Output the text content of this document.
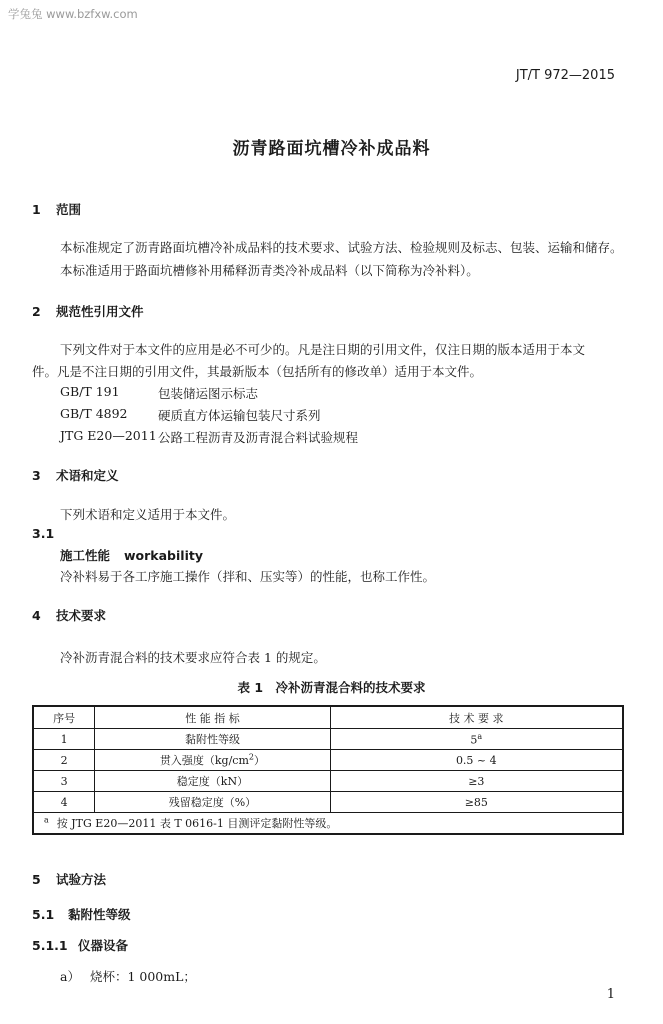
学兔兔 www.bzfxw.com
JT/T 972—2015
沥青路面坑槽冷补成品料
1 范围
本标准规定了沥青路面坑槽冷补成品料的技术要求、试验方法、检验规则及标志、包装、运输和储存。
本标准适用于路面坑槽修补用稀释沥青类冷补成品料（以下简称为冷补料）。
2 规范性引用文件
下列文件对于本文件的应用是必不可少的。凡是注日期的引用文件，仅注日期的版本适用于本文
件。凡是不注日期的引用文件，其最新版本（包括所有的修改单）适用于本文件。
GB/T 191	包装储运图示标志
GB/T 4892 硬质直方体运输包装尺寸系列
JTG E20—2011 公路工程沥青及沥青混合料试验规程
3 术语和定义
下列术语和定义适用于本文件。
3.1
施工性能 workability
冷补料易于各工序施工操作（拌和、压实等）的性能，也称工作性。
4 技术要求
冷补沥青混合料的技术要求应符合表 1 的规定。
表 1　冷补沥青混合料的技术要求
序号	性 能 指 标	技 术 要 求
1	黏附性等级	5$^a$
2	贯入强度$(kg/cm^2)$	0.5 ~ 4
3	稳定度（kN）	≥3
4	残留稳定度（%）	≥85
$^a$ 按 JTG E20—2011 表 T 0616-1 目测评定黏附性等级。		
5 试验方法
5.1 黏附性等级
5.1.1 仪器设备
a） 烧杯：1 000mL；
1
